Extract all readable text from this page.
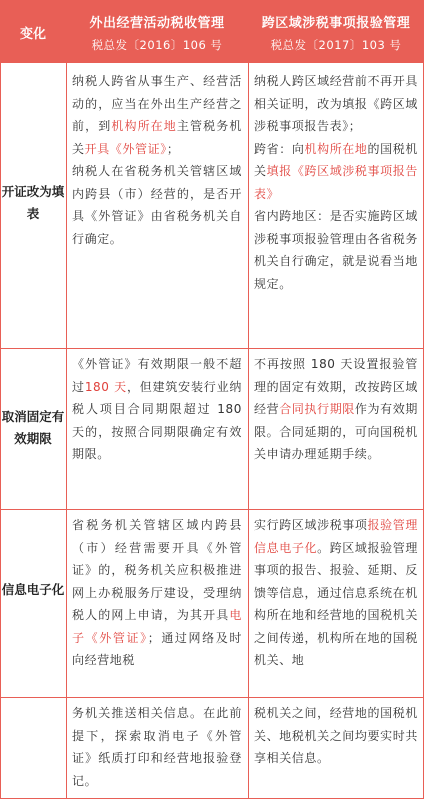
变化
外出经营活动税收管理
税总发〔2016〕106 号
跨区域涉税事项报验管理
税总发〔2017〕103 号
开证改为填表

纳税人跨省从事生产、经营活动的，应当在外出生产经营之前，到机构所在地主管税务机关开具《外管证》；
纳税人在省税务机关管辖区域内跨县（市）经营的，是否开具《外管证》由省税务机关自行确定。

纳税人跨区域经营前不再开具相关证明，改为填报《跨区域涉税事项报告表》；
跨省：向机构所在地的国税机关填报《跨区域涉税事项报告表》
省内跨地区：是否实施跨区域涉税事项报验管理由各省税务机关自行确定，就是说看当地规定。

取消固定有效期限

《外管证》有效期限一般不超过180 天，但建筑安装行业纳税人项目合同期限超过 180 天的，按照合同期限确定有效期限。

不再按照 180 天设置报验管理的固定有效期，改按跨区域经营合同执行期限作为有效期限。合同延期的，可向国税机关申请办理延期手续。

信息电子化

省税务机关管辖区域内跨县（市）经营需要开具《外管证》的，税务机关应积极推进网上办税服务厅建设，受理纳税人的网上申请，为其开具电子《外管证》；通过网络及时向经营地税

实行跨区域涉税事项报验管理信息电子化。跨区域报验管理事项的报告、报验、延期、反馈等信息，通过信息系统在机构所在地和经营地的国税机关之间传递，机构所在地的国税机关、地

务机关推送相关信息。在此前提下，探索取消电子《外管证》纸质打印和经营地报验登记。

税机关之间，经营地的国税机关、地税机关之间均要实时共享相关信息。
